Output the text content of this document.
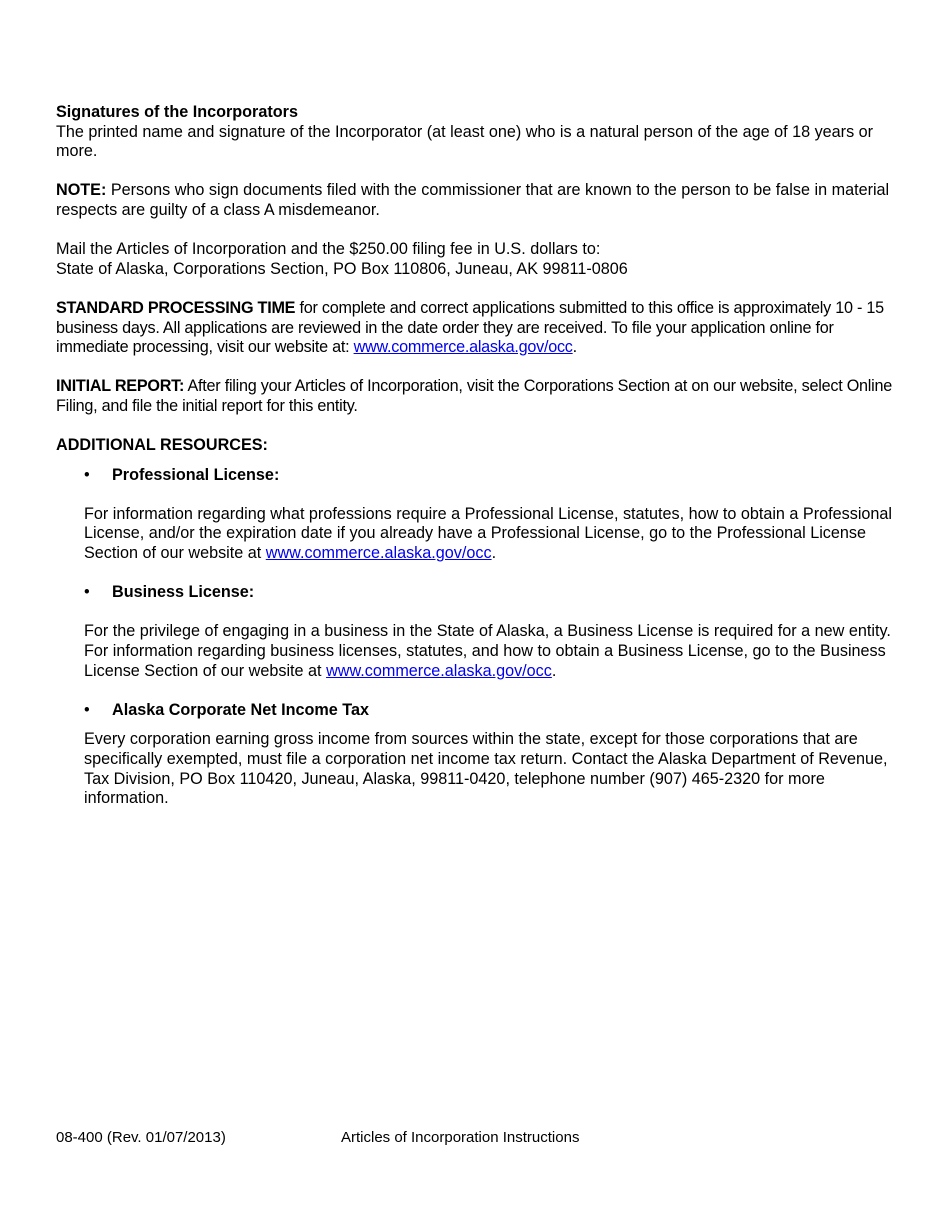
Signatures of the Incorporators

The printed name and signature of the Incorporator (at least one) who is a natural person of the age of 18 years or more.

NOTE: Persons who sign documents filed with the commissioner that are known to the person to be false in material respects are guilty of a class A misdemeanor.

Mail the Articles of Incorporation and the $250.00 filing fee in U.S. dollars to:

State of Alaska, Corporations Section, PO Box 110806, Juneau, AK 99811-0806

STANDARD PROCESSING TIME for complete and correct applications submitted to this office is approximately 10 - 15 business days. All applications are reviewed in the date order they are received. To file your application online for immediate processing, visit our website at: www.commerce.alaska.gov/occ.

INITIAL REPORT: After filing your Articles of Incorporation, visit the Corporations Section at on our website, select Online Filing, and file the initial report for this entity.

ADDITIONAL RESOURCES:

•	Professional License:

For information regarding what professions require a Professional License, statutes, how to obtain a Professional License, and/or the expiration date if you already have a Professional License, go to the Professional License Section of our website at www.commerce.alaska.gov/occ.

•	Business License:

For the privilege of engaging in a business in the State of Alaska, a Business License is required for a new entity. For information regarding business licenses, statutes, and how to obtain a Business License, go to the Business License Section of our website at www.commerce.alaska.gov/occ.

•	Alaska Corporate Net Income Tax

Every corporation earning gross income from sources within the state, except for those corporations that are specifically exempted, must file a corporation net income tax return. Contact the Alaska Department of Revenue, Tax Division, PO Box 110420, Juneau, Alaska, 99811-0420, telephone number (907) 465-2320 for more information.

08-400 (Rev. 01/07/2013)	Articles of Incorporation Instructions
